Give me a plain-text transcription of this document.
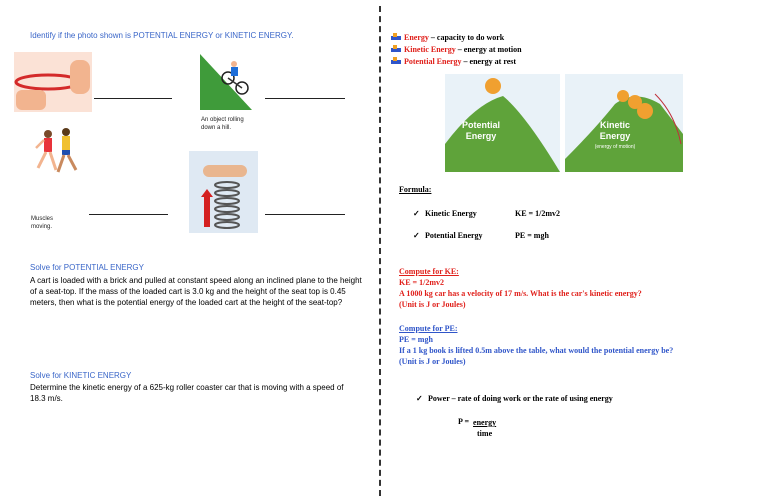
Identify if the photo shown is POTENTIAL ENERGY or KINETIC ENERGY.
An object rolling down a hill.
Muscles moving.
Solve for POTENTIAL ENERGY
A cart is loaded with a brick and pulled at constant speed along an inclined plane to the height of a seat-top. If the mass of the loaded cart is 3.0 kg and the height of the seat top is 0.45 meters, then what is the potential energy of the loaded cart at the height of the seat-top?
Solve for KINETIC ENERGY
Determine the kinetic energy of a 625-kg roller coaster car that is moving with a speed of 18.3 m/s.
Energy – capacity to do work
Kinetic Energy – energy at motion
Potential Energy – energy at rest
Potential
Energy
Kinetic
Energy
(energy of motion)
Formula:
✓ Kinetic Energy	KE = 1/2mv2
✓ Potential Energy	PE = mgh
Compute for KE:
KE = 1/2mv2
A 1000 kg car has a velocity of 17 m/s. What is the car's kinetic energy?
(Unit is J or Joules)
Compute for PE:
PE = mgh
If a 1 kg book is lifted 0.5m above the table, what would the potential energy be?
(Unit is J or Joules)
✓ Power – rate of doing work or the rate of using energy
P = energy
time
